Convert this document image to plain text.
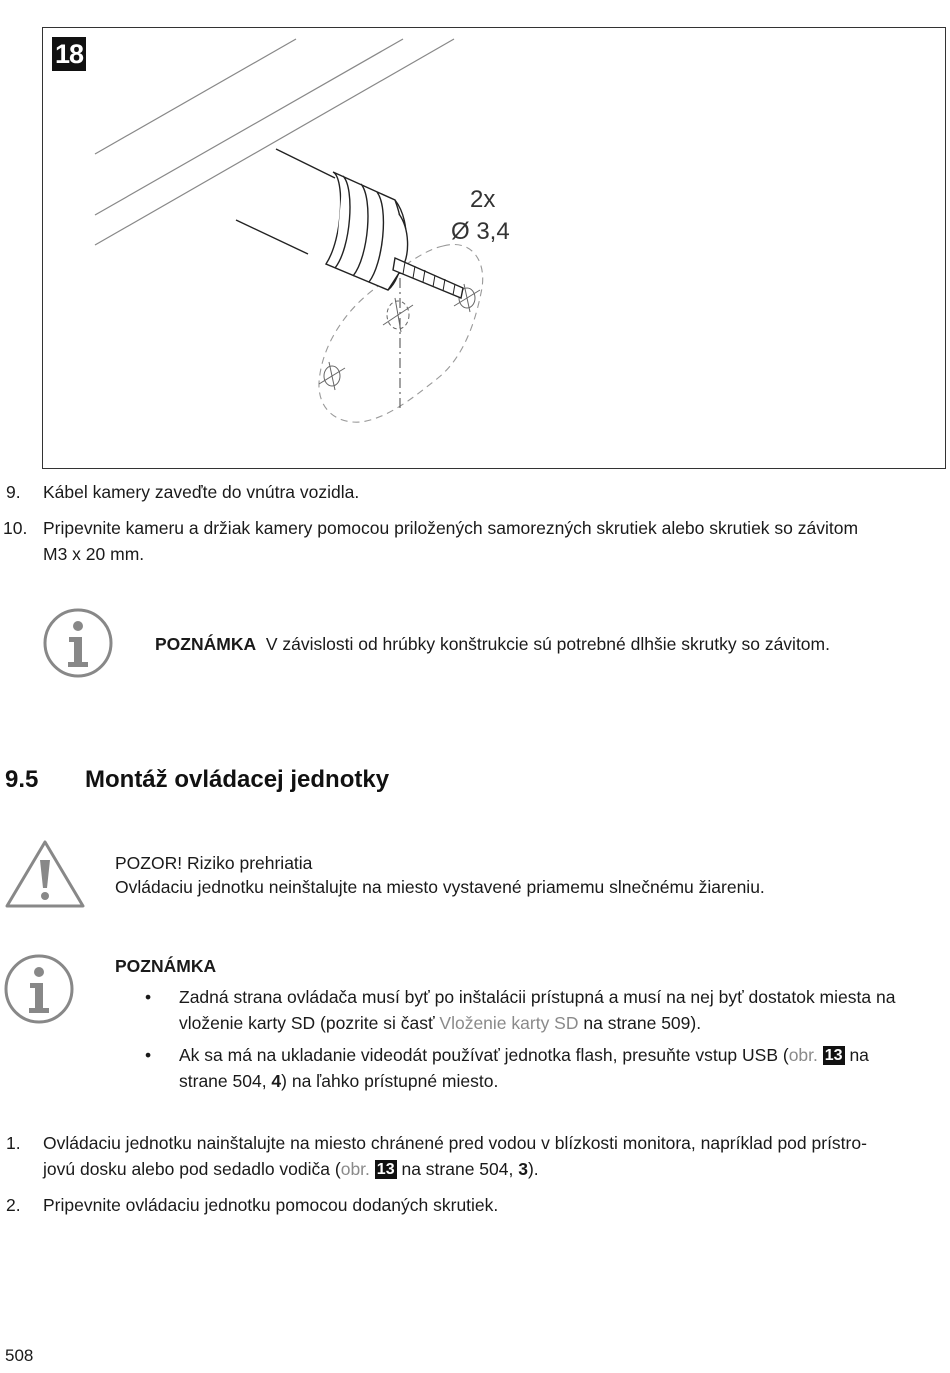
18
2x
Ø 3,4
9.	Kábel kamery zaveďte do vnútra vozidla.
10. Pripevnite kameru a držiak kamery pomocou priložených samorezných skrutiek alebo skrutiek so závitom
M3 x 20 mm.
POZNÁMKA V závislosti od hrúbky konštrukcie sú potrebné dlhšie skrutky so závitom.
9.5 Montáž ovládacej jednotky
POZOR! Riziko prehriatia
Ovládaciu jednotku neinštalujte na miesto vystavené priamemu slnečnému žiareniu.
POZNÁMKA
• Zadná strana ovládača musí byť po inštalácii prístupná a musí na nej byť dostatok miesta na
vloženie karty SD (pozrite si časť Vloženie karty SD na strane 509).
• Ak sa má na ukladanie videodát používať jednotka flash, presuňte vstup USB (obr. 13 na
strane 504, 4) na ľahko prístupné miesto.
1.	Ovládaciu jednotku nainštalujte na miesto chránené pred vodou v blízkosti monitora, napríklad pod prístro-
jovú dosku alebo pod sedadlo vodiča (obr. 13 na strane 504, 3).
2.	Pripevnite ovládaciu jednotku pomocou dodaných skrutiek.
508
